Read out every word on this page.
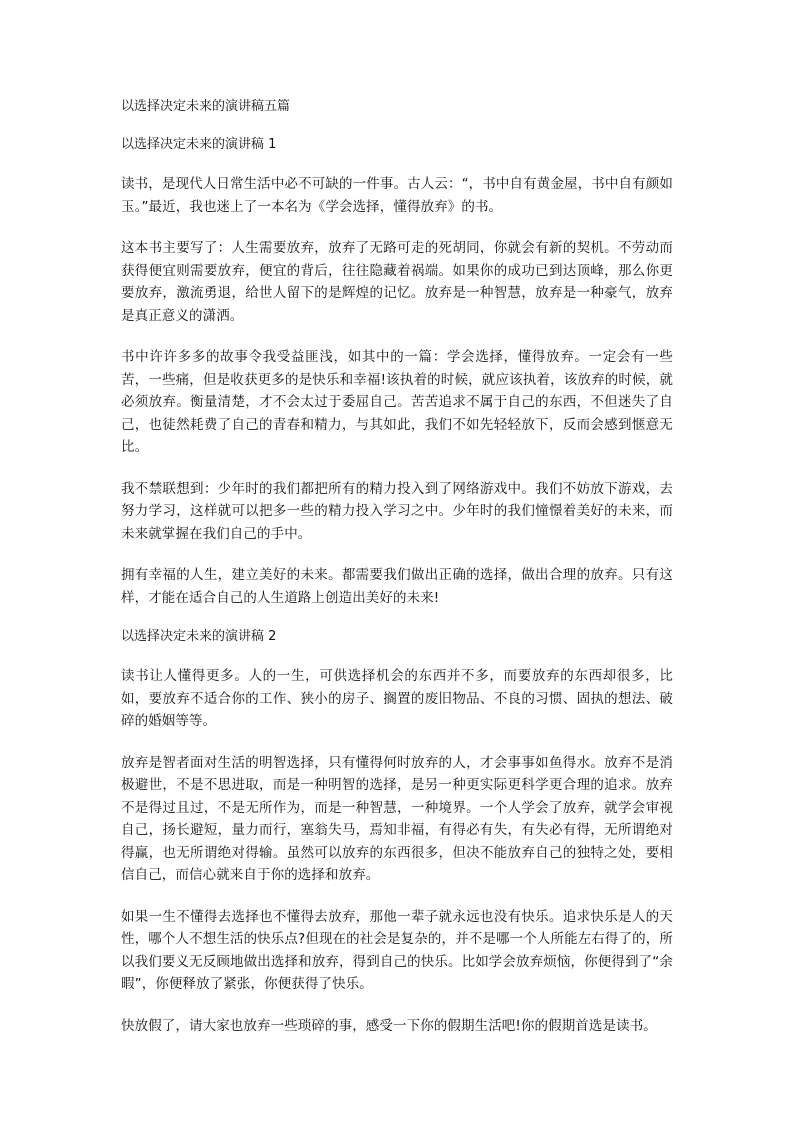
以选择决定未来的演讲稿五篇
以选择决定未来的演讲稿 1

读书，是现代人日常生活中必不可缺的一件事。古人云：“，书中自有黄金屋，书中自有颜如玉。”最近，我也迷上了一本名为《学会选择，懂得放弃》的书。

这本书主要写了：人生需要放弃，放弃了无路可走的死胡同，你就会有新的契机。不劳动而获得便宜则需要放弃，便宜的背后，往往隐藏着祸端。如果你的成功已到达顶峰，那么你更要放弃，激流勇退，给世人留下的是辉煌的记忆。放弃是一种智慧，放弃是一种豪气，放弃是真正意义的潇洒。

书中许许多多的故事令我受益匪浅，如其中的一篇：学会选择，懂得放弃。一定会有一些苦，一些痛，但是收获更多的是快乐和幸福!该执着的时候，就应该执着，该放弃的时候，就必须放弃。衡量清楚，才不会太过于委屈自己。苦苦追求不属于自己的东西，不但迷失了自己，也徒然耗费了自己的青春和精力，与其如此，我们不如先轻轻放下，反而会感到惬意无比。

我不禁联想到：少年时的我们都把所有的精力投入到了网络游戏中。我们不妨放下游戏，去努力学习，这样就可以把多一些的精力投入学习之中。少年时的我们憧憬着美好的未来，而未来就掌握在我们自己的手中。

拥有幸福的人生，建立美好的未来。都需要我们做出正确的选择，做出合理的放弃。只有这样，才能在适合自己的人生道路上创造出美好的未来!

以选择决定未来的演讲稿 2

读书让人懂得更多。人的一生，可供选择机会的东西并不多，而要放弃的东西却很多，比如，要放弃不适合你的工作、狭小的房子、搁置的废旧物品、不良的习惯、固执的想法、破碎的婚姻等等。

放弃是智者面对生活的明智选择，只有懂得何时放弃的人，才会事事如鱼得水。放弃不是消极避世，不是不思进取，而是一种明智的选择，是另一种更实际更科学更合理的追求。放弃不是得过且过，不是无所作为，而是一种智慧，一种境界。一个人学会了放弃，就学会审视自己，扬长避短，量力而行，塞翁失马，焉知非福，有得必有失，有失必有得，无所谓绝对得赢，也无所谓绝对得输。虽然可以放弃的东西很多，但决不能放弃自己的独特之处，要相信自己，而信心就来自于你的选择和放弃。

如果一生不懂得去选择也不懂得去放弃，那他一辈子就永远也没有快乐。追求快乐是人的天性，哪个人不想生活的快乐点?但现在的社会是复杂的，并不是哪一个人所能左右得了的，所以我们要义无反顾地做出选择和放弃，得到自己的快乐。比如学会放弃烦恼，你便得到了“余暇”，你便释放了紧张，你便获得了快乐。

快放假了，请大家也放弃一些琐碎的事，感受一下你的假期生活吧!你的假期首选是读书。
